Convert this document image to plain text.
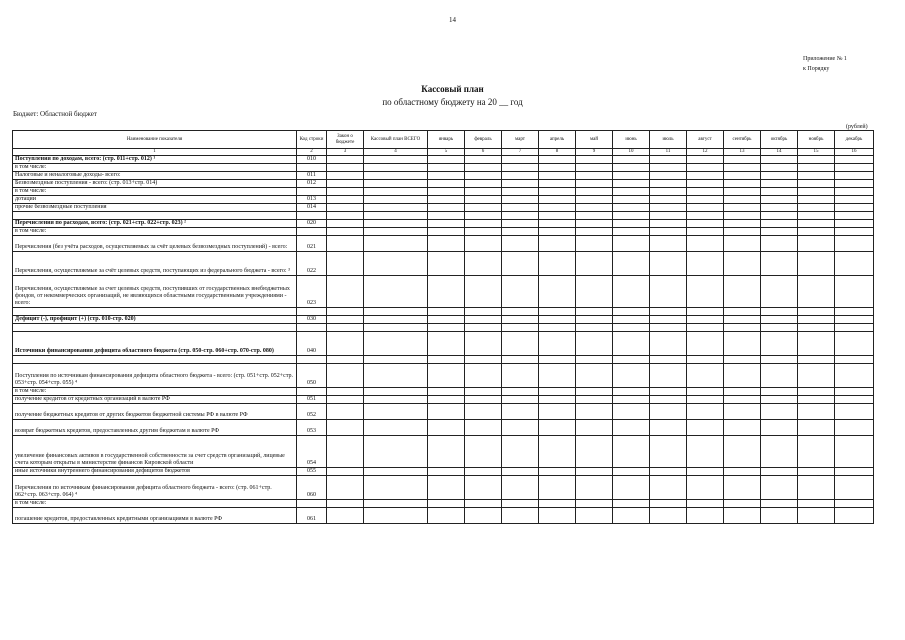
14
Приложение № 1
к Порядку
Кассовый план
по областному бюджету на 20 __ год
Бюджет: Областной бюджет
(рублей)
Наименование показателя	Код строки	Закон о бюджете	Кассовый план ВСЕГО	январь	февраль	март	апрель	май	июнь	июль	август	сентябрь	октябрь	ноябрь	декабрь
1	2	3	4	5	6	7	8	9	10	11	12	13	14	15	16
Поступления по доходам, всего: (стр. 011+стр. 012) ¹	010														
в том числе:															
Налоговые и неналоговые доходы- всего:	011														
Безвозмездные поступления - всего: (стр. 013+стр. 014)	012														
в том числе:															
дотации	013														
прочие безвозмездные поступления	014														

Перечисления по расходам, всего: (стр. 021+стр. 022+стр. 023) ²	020														
в том числе:															
Перечисления (без учёта расходов, осуществляемых за счёт целевых безвозмездных поступлений) - всего:	021														
Перечисления, осуществляемые за счёт целевых средств, поступающих из федерального бюджета - всего: ³	022														
Перечисления, осуществляемые за счет целевых средств, поступивших от государственных внебюджетных фондов, от некоммерческих организаций, не являющихся областными государственными учреждениями - всего:	023														

Дефицит (-), профицит (+) (стр. 010-стр. 020)	030														

Источники финансирования дефицита областного бюджета (стр. 050-стр. 060+стр. 070-стр. 080)	040														

Поступления по источникам финансирования дефицита областного бюджета - всего: (стр. 051+стр. 052+стр. 053+стр. 054+стр. 055) ⁴	050														
в том числе:															
получение кредитов от кредитных организаций в валюте РФ	051														
получение бюджетных кредитов от других бюджетов бюджетной системы РФ в валюте РФ	052														
возврат бюджетных кредитов, предоставленных другим бюджетам в валюте РФ	053														
увеличение финансовых активов в государственной собственности за счет средств организаций, лицевые счета которым открыты в министерстве финансов Кировской области	054														
иные источники внутреннего финансирования дефицитов бюджетов	055														
Перечисления по источникам финансирования дефицита областного бюджета - всего: (стр. 061+стр. 062+стр. 063+стр. 064) ⁴	060														
в том числе:															
погашение кредитов, предоставленных кредитными организациями в валюте РФ	061														
